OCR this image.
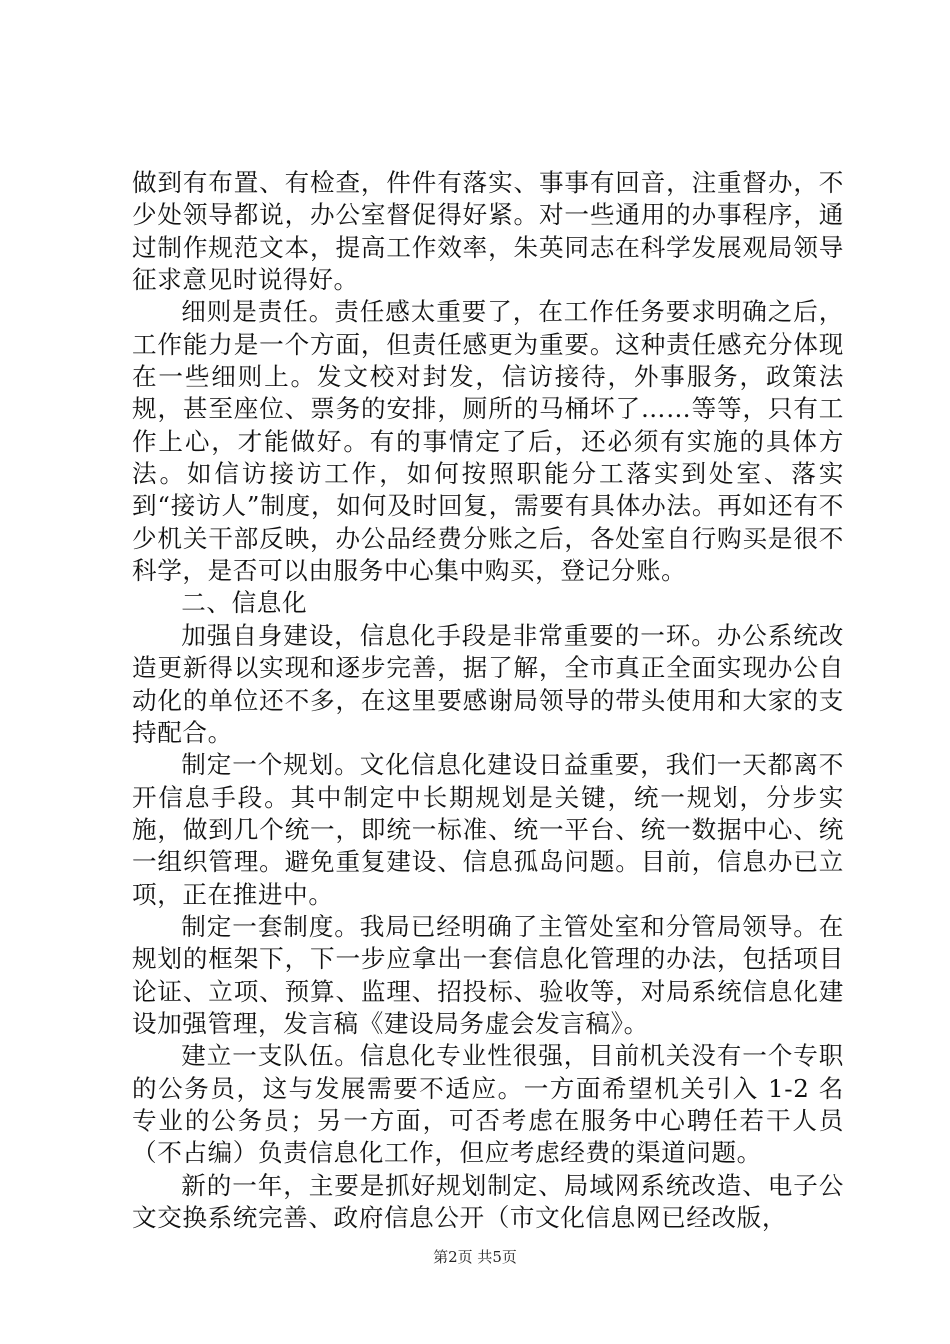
做到有布置、有检查，件件有落实、事事有回音，注重督办，不少处领导都说，办公室督促得好紧。对一些通用的办事程序，通过制作规范文本，提高工作效率，朱英同志在科学发展观局领导征求意见时说得好。

细则是责任。责任感太重要了，在工作任务要求明确之后，工作能力是一个方面，但责任感更为重要。这种责任感充分体现在一些细则上。发文校对封发，信访接待，外事服务，政策法规，甚至座位、票务的安排，厕所的马桶坏了……等等，只有工作上心，才能做好。有的事情定了后，还必须有实施的具体方法。如信访接访工作，如何按照职能分工落实到处室、落实到“接访人”制度，如何及时回复，需要有具体办法。再如还有不少机关干部反映，办公品经费分账之后，各处室自行购买是很不科学，是否可以由服务中心集中购买，登记分账。

二、信息化

加强自身建设，信息化手段是非常重要的一环。办公系统改造更新得以实现和逐步完善，据了解，全市真正全面实现办公自动化的单位还不多，在这里要感谢局领导的带头使用和大家的支持配合。

制定一个规划。文化信息化建设日益重要，我们一天都离不开信息手段。其中制定中长期规划是关键，统一规划，分步实施，做到几个统一，即统一标准、统一平台、统一数据中心、统一组织管理。避免重复建设、信息孤岛问题。目前，信息办已立项，正在推进中。

制定一套制度。我局已经明确了主管处室和分管局领导。在规划的框架下，下一步应拿出一套信息化管理的办法，包括项目论证、立项、预算、监理、招投标、验收等，对局系统信息化建设加强管理，发言稿《建设局务虚会发言稿》。

建立一支队伍。信息化专业性很强，目前机关没有一个专职的公务员，这与发展需要不适应。一方面希望机关引入 1-2 名专业的公务员；另一方面，可否考虑在服务中心聘任若干人员（不占编）负责信息化工作，但应考虑经费的渠道问题。

新的一年，主要是抓好规划制定、局域网系统改造、电子公文交换系统完善、政府信息公开（市文化信息网已经改版，

第2页 共5页
